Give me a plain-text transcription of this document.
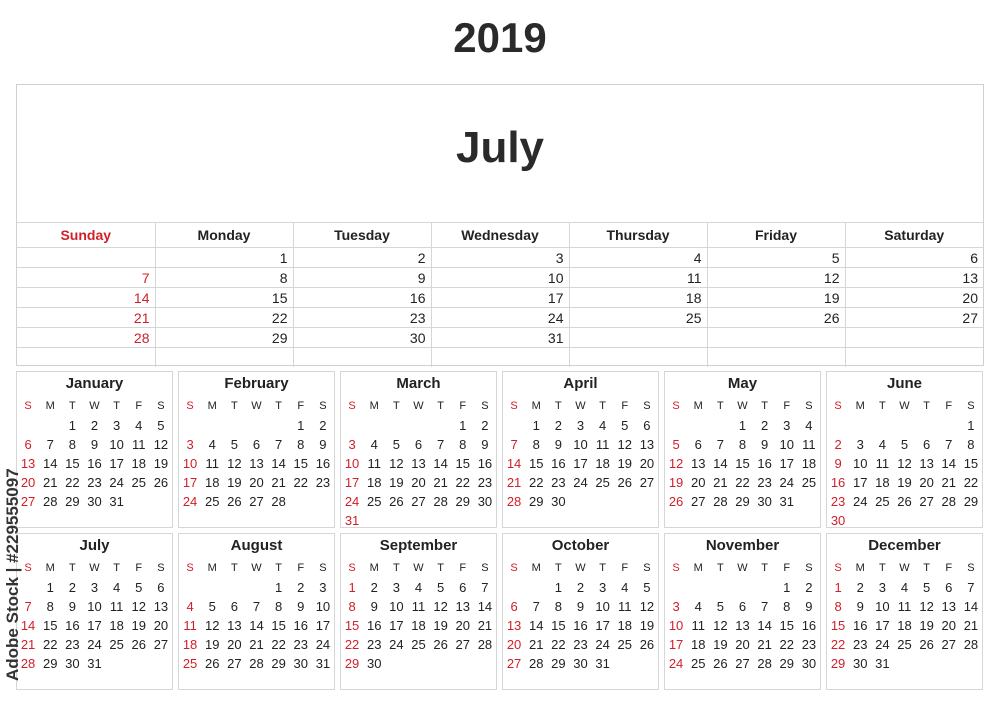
2019
July
Sunday	Monday	Tuesday	Wednesday	Thursday	Friday	Saturday
	1	2	3	4	5	6
7	8	9	10	11	12	13
14	15	16	17	18	19	20
21	22	23	24	25	26	27
28	29	30	31			

January
S	M	T	W	T	F	S
		1	2	3	4	5
6	7	8	9	10	11	12
13	14	15	16	17	18	19
20	21	22	23	24	25	26
27	28	29	30	31		
February
S	M	T	W	T	F	S
					1	2
3	4	5	6	7	8	9
10	11	12	13	14	15	16
17	18	19	20	21	22	23
24	25	26	27	28		
March
S	M	T	W	T	F	S
					1	2
3	4	5	6	7	8	9
10	11	12	13	14	15	16
17	18	19	20	21	22	23
24	25	26	27	28	29	30
31						
April
S	M	T	W	T	F	S
	1	2	3	4	5	6
7	8	9	10	11	12	13
14	15	16	17	18	19	20
21	22	23	24	25	26	27
28	29	30				
May
S	M	T	W	T	F	S
			1	2	3	4
5	6	7	8	9	10	11
12	13	14	15	16	17	18
19	20	21	22	23	24	25
26	27	28	29	30	31	
June
S	M	T	W	T	F	S
						1
2	3	4	5	6	7	8
9	10	11	12	13	14	15
16	17	18	19	20	21	22
23	24	25	26	27	28	29
30						
July
S	M	T	W	T	F	S
	1	2	3	4	5	6
7	8	9	10	11	12	13
14	15	16	17	18	19	20
21	22	23	24	25	26	27
28	29	30	31			
August
S	M	T	W	T	F	S
				1	2	3
4	5	6	7	8	9	10
11	12	13	14	15	16	17
18	19	20	21	22	23	24
25	26	27	28	29	30	31
September
S	M	T	W	T	F	S
1	2	3	4	5	6	7
8	9	10	11	12	13	14
15	16	17	18	19	20	21
22	23	24	25	26	27	28
29	30					
October
S	M	T	W	T	F	S
		1	2	3	4	5
6	7	8	9	10	11	12
13	14	15	16	17	18	19
20	21	22	23	24	25	26
27	28	29	30	31		
November
S	M	T	W	T	F	S
					1	2
3	4	5	6	7	8	9
10	11	12	13	14	15	16
17	18	19	20	21	22	23
24	25	26	27	28	29	30
December
S	M	T	W	T	F	S
1	2	3	4	5	6	7
8	9	10	11	12	13	14
15	16	17	18	19	20	21
22	23	24	25	26	27	28
29	30	31				
Adobe Stock | #229555097
